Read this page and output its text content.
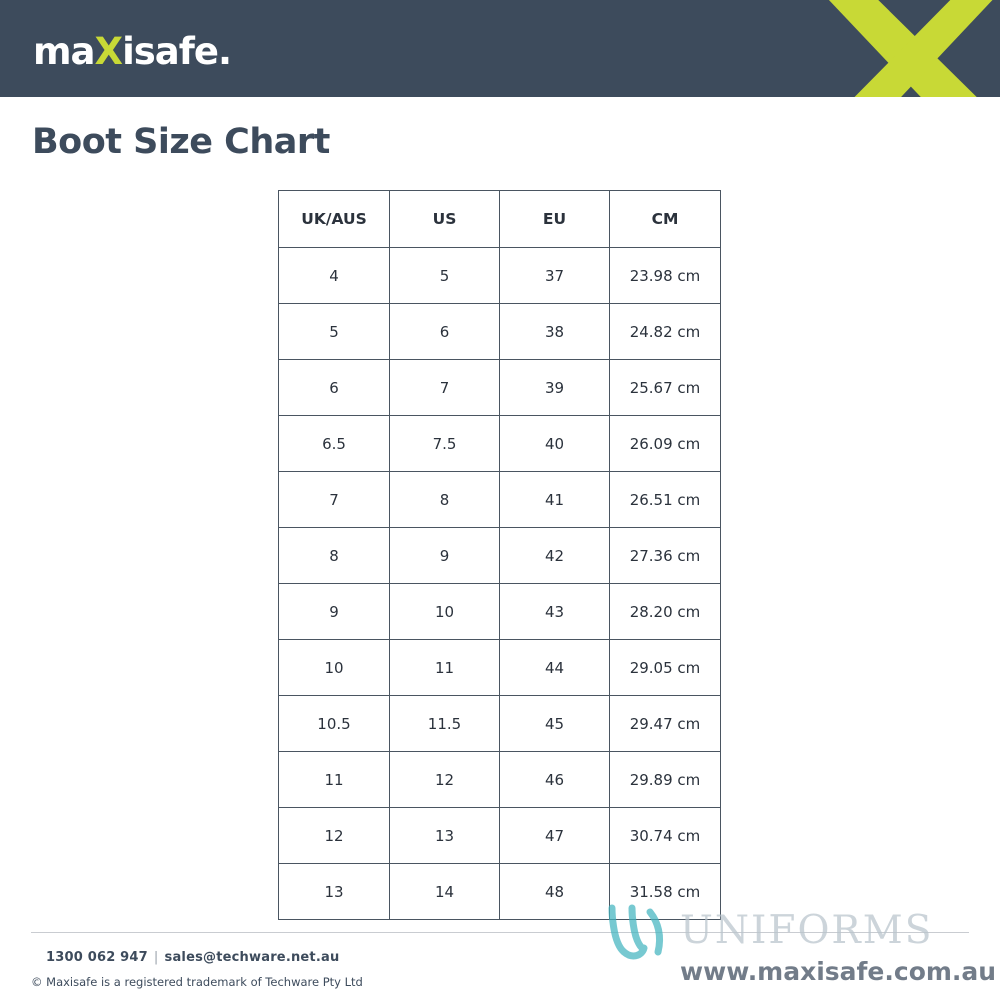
maXisafe.
Boot Size Chart
UK/AUS	US	EU	CM
4	5	37	23.98 cm
5	6	38	24.82 cm
6	7	39	25.67 cm
6.5	7.5	40	26.09 cm
7	8	41	26.51 cm
8	9	42	27.36 cm
9	10	43	28.20 cm
10	11	44	29.05 cm
10.5	11.5	45	29.47 cm
11	12	46	29.89 cm
12	13	47	30.74 cm
13	14	48	31.58 cm
1300 062 947 | sales@techware.net.au
© Maxisafe is a registered trademark of Techware Pty Ltd
UNIFORMS
www.maxisafe.com.au
